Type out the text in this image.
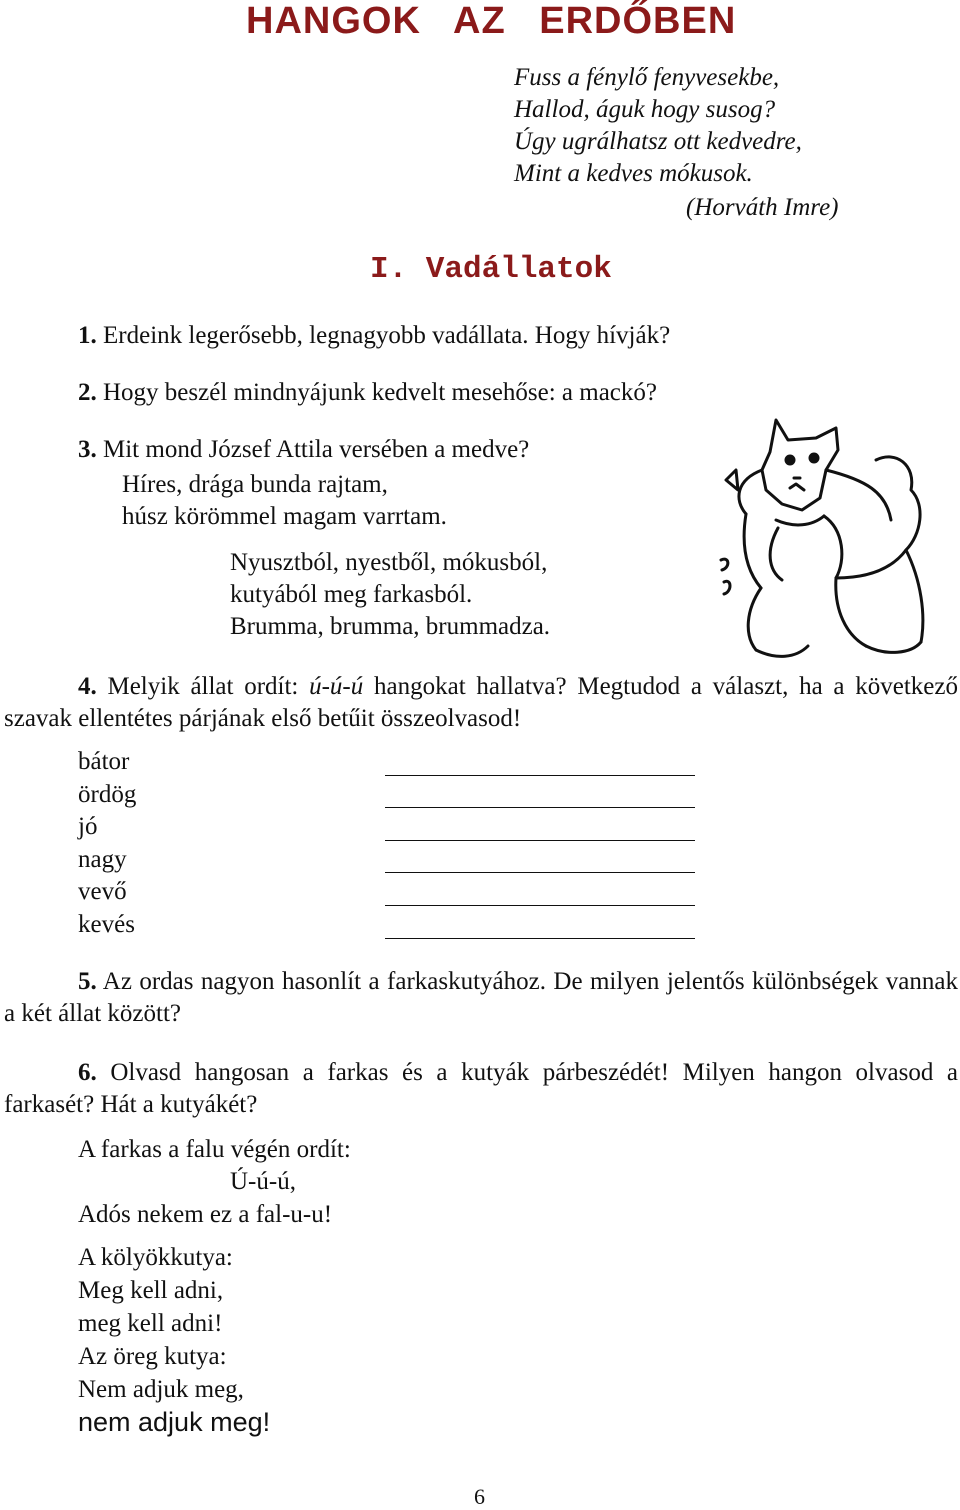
HANGOK AZ ERDŐBEN
Fuss a fénylő fenyvesekbe,
Hallod, águk hogy susog?
Úgy ugrálhatsz ott kedvedre,
Mint a kedves mókusok.
(Horváth Imre)
I. Vadállatok
1. Erdeink legerősebb, legnagyobb vadállata. Hogy hívják?
2. Hogy beszél mindnyájunk kedvelt mesehőse: a mackó?
3. Mit mond József Attila versében a medve?
Híres, drága bunda rajtam,
húsz körömmel magam varrtam.
Nyusztból, nyestből, mókusból,
kutyából meg farkasból.
Brumma, brumma, brummadza.
4. Melyik állat ordít: ú-ú-ú hangokat hallatva? Megtudod a választ, ha a következő szavak ellentétes párjának első betűit összeolvasod!
bátor
ördög
jó
nagy
vevő
kevés
5. Az ordas nagyon hasonlít a farkaskutyához. De milyen jelentős különbségek vannak a két állat között?
6. Olvasd hangosan a farkas és a kutyák párbeszédét! Milyen hangon olvasod a farkasét? Hát a kutyákét?
A farkas a falu végén ordít:
Ú-ú-ú,
Adós nekem ez a fal-u-u!
A kölyökkutya:
Meg kell adni,
meg kell adni!
Az öreg kutya:
Nem adjuk meg,
nem adjuk meg!
6
